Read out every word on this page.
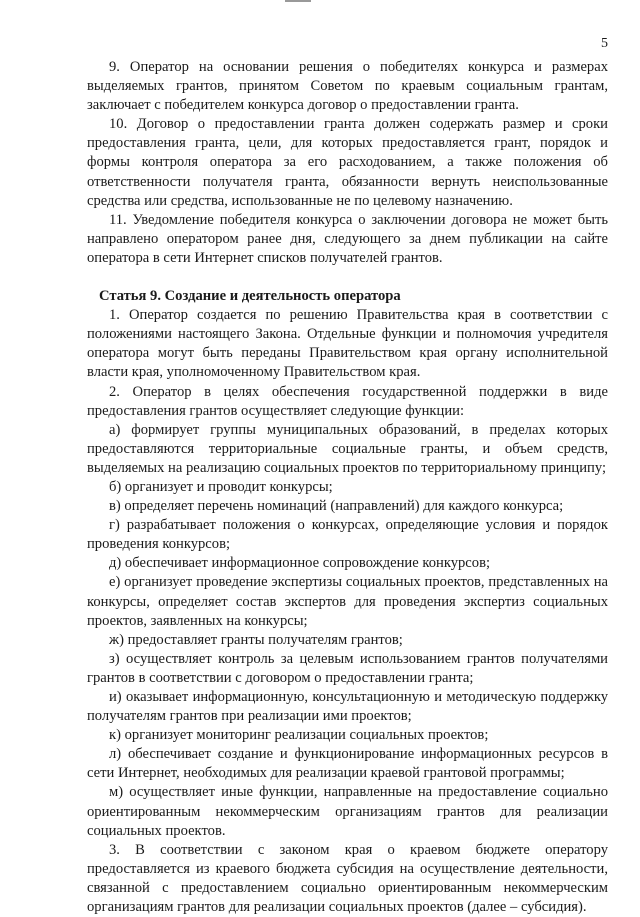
5

9. Оператор на основании решения о победителях конкурса и размерах выделяемых грантов, принятом Советом по краевым социальным грантам, заключает с победителем конкурса договор о предоставлении гранта.

10. Договор о предоставлении гранта должен содержать размер и сроки предоставления гранта, цели, для которых предоставляется грант, порядок и формы контроля оператора за его расходованием, а также положения об ответственности получателя гранта, обязанности вернуть неиспользованные средства или средства, использованные не по целевому назначению.

11. Уведомление победителя конкурса о заключении договора не может быть направлено оператором ранее дня, следующего за днем публикации на сайте оператора в сети Интернет списков получателей грантов.

Статья 9. Создание и деятельность оператора

1. Оператор создается по решению Правительства края в соответствии с положениями настоящего Закона. Отдельные функции и полномочия учредителя оператора могут быть переданы Правительством края органу исполнительной власти края, уполномоченному Правительством края.

2. Оператор в целях обеспечения государственной поддержки в виде предоставления грантов осуществляет следующие функции:

а) формирует группы муниципальных образований, в пределах которых предоставляются территориальные социальные гранты, и объем средств, выделяемых на реализацию социальных проектов по территориальному принципу;

б) организует и проводит конкурсы;

в) определяет перечень номинаций (направлений) для каждого конкурса;

г) разрабатывает положения о конкурсах, определяющие условия и порядок проведения конкурсов;

д) обеспечивает информационное сопровождение конкурсов;

е) организует проведение экспертизы социальных проектов, представленных на конкурсы, определяет состав экспертов для проведения экспертиз социальных проектов, заявленных на конкурсы;

ж) предоставляет гранты получателям грантов;

з) осуществляет контроль за целевым использованием грантов получателями грантов в соответствии с договором о предоставлении гранта;

и) оказывает информационную, консультационную и методическую поддержку получателям грантов при реализации ими проектов;

к) организует мониторинг реализации социальных проектов;

л) обеспечивает создание и функционирование информационных ресурсов в сети Интернет, необходимых для реализации краевой грантовой программы;

м) осуществляет иные функции, направленные на предоставление социально ориентированным некоммерческим организациям грантов для реализации социальных проектов.

3. В соответствии с законом края о краевом бюджете оператору предоставляется из краевого бюджета субсидия на осуществление деятельности, связанной с предоставлением социально ориентированным некоммерческим организациям грантов для реализации социальных проектов (далее – субсидия).
